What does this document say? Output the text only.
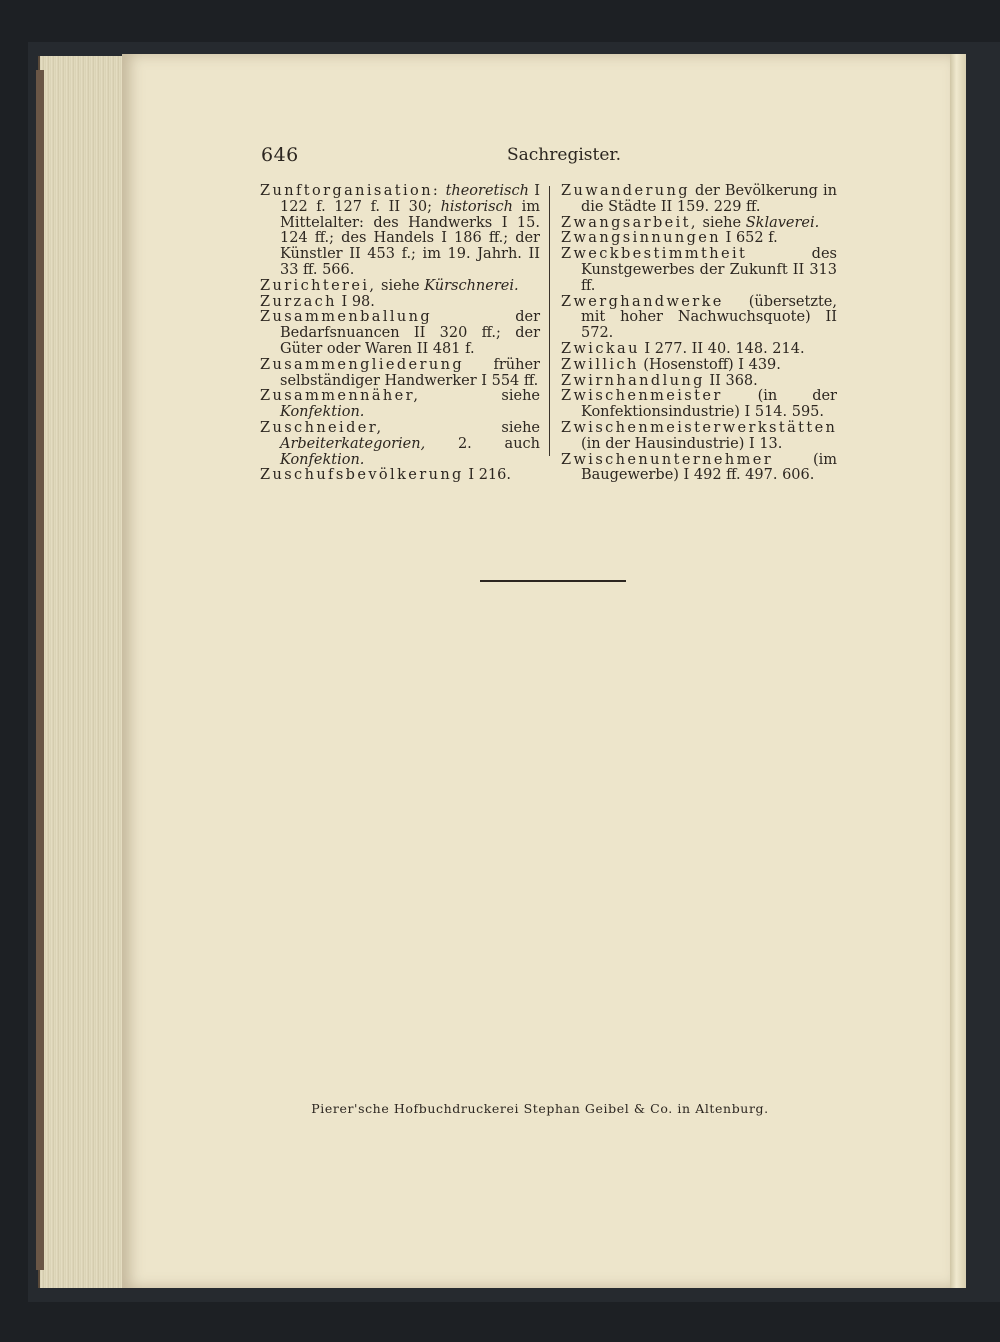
646	Sachregister.
Zunftorganisation: theoretisch I 122 f. 127 f. II 30; historisch im Mittelalter: des Handwerks I 15. 124 ff.; des Handels I 186 ff.; der Künstler II 453 f.; im 19. Jahrh. II 33 ff. 566.
Zurichterei, siehe Kürschnerei.
Zurzach I 98.
Zusammenballung der Bedarfsnuancen II 320 ff.; der Güter oder Waren II 481 f.
Zusammengliederung früher selbständiger Handwerker I 554 ff.
Zusammennäher, siehe Konfektion.
Zuschneider, siehe Arbeiterkategorien, 2. auch Konfektion.
Zuschufsbevölkerung I 216.
Zuwanderung der Bevölkerung in die Städte II 159. 229 ff.
Zwangsarbeit, siehe Sklaverei.
Zwangsinnungen I 652 f.
Zweckbestimmtheit des Kunstgewerbes der Zukunft II 313 ff.
Zwerghandwerke (übersetzte, mit hoher Nachwuchsquote) II 572.
Zwickau I 277. II 40. 148. 214.
Zwillich (Hosenstoff) I 439.
Zwirnhandlung II 368.
Zwischenmeister (in der Konfektionsindustrie) I 514. 595.
Zwischenmeisterwerkstätten (in der Hausindustrie) I 13.
Zwischenunternehmer (im Baugewerbe) I 492 ff. 497. 606.
Pierer'sche Hofbuchdruckerei Stephan Geibel & Co. in Altenburg.
